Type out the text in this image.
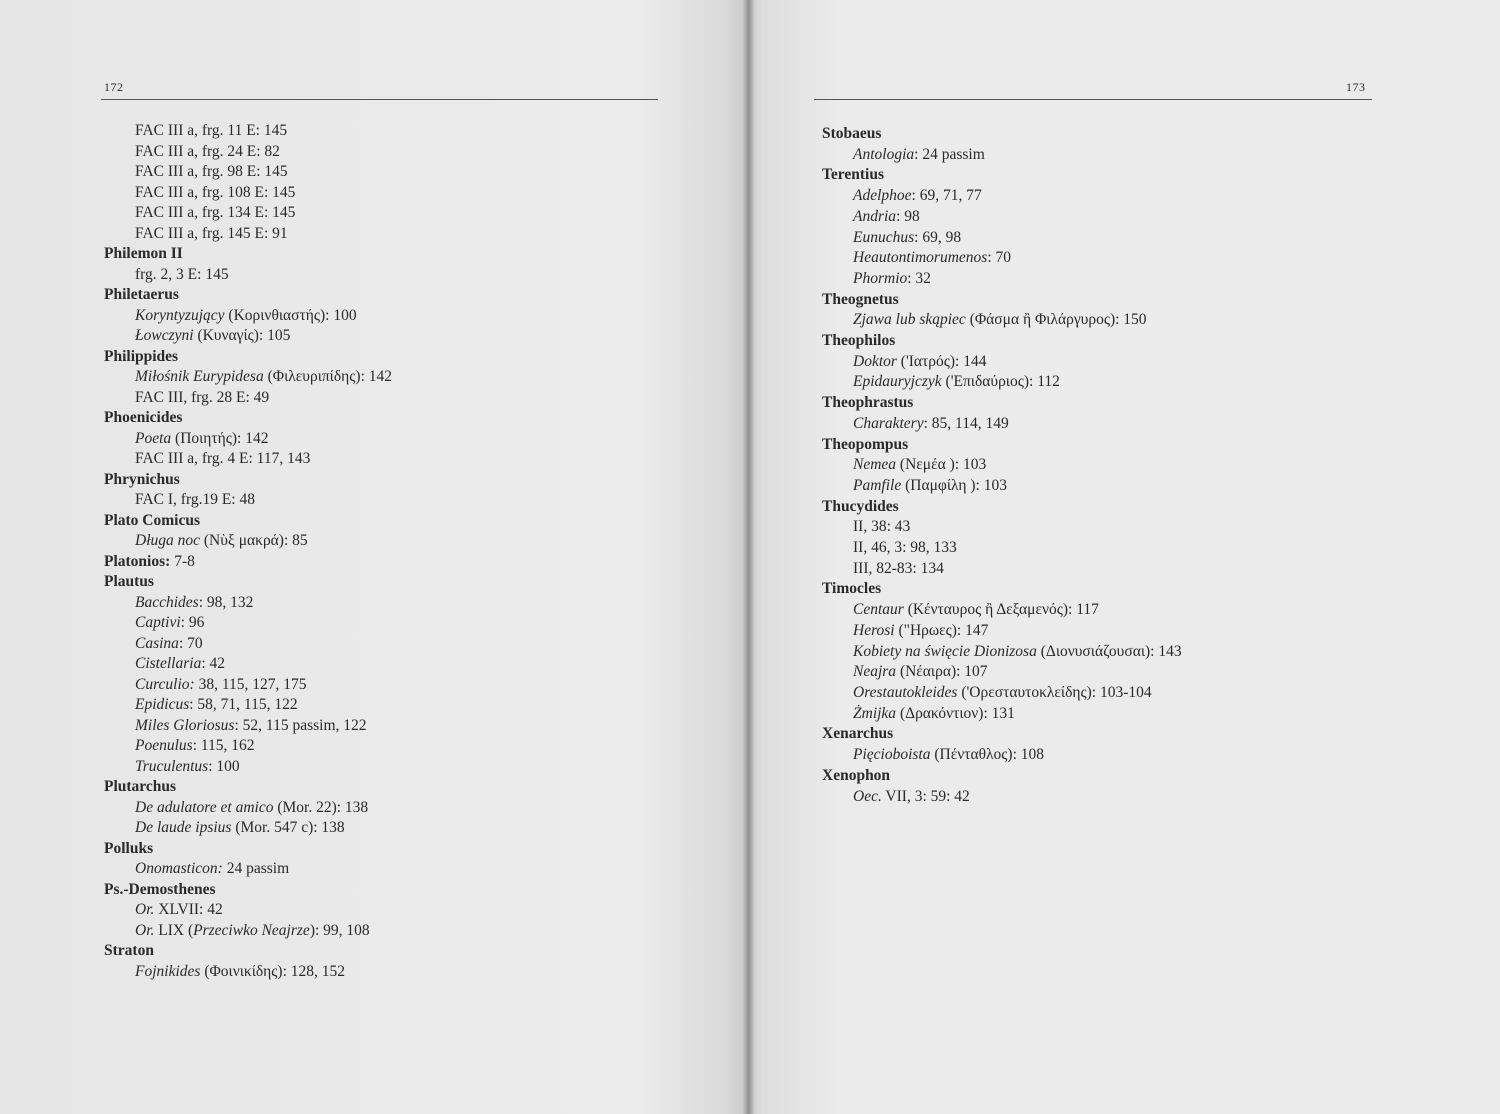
172
FAC III a, frg. 11 E: 145
FAC III a, frg. 24 E: 82
FAC III a, frg. 98 E: 145
FAC III a, frg. 108 E: 145
FAC III a, frg. 134 E: 145
FAC III a, frg. 145 E: 91
Philemon II
frg. 2, 3 E: 145
Philetaerus
Koryntyzujący (Κορινθιαστής): 100
Łowczyni (Κυναγίς): 105
Philippides
Miłośnik Eurypidesa (Φιλευριπίδης): 142
FAC III, frg. 28 E: 49
Phoenicides
Poeta (Ποιητής): 142
FAC III a, frg. 4 E: 117, 143
Phrynichus
FAC I, frg.19 E: 48
Plato Comicus
Długa noc (Νὺξ μακρά): 85
Platonios: 7-8
Plautus
Bacchides: 98, 132
Captivi: 96
Casina: 70
Cistellaria: 42
Curculio: 38, 115, 127, 175
Epidicus: 58, 71, 115, 122
Miles Gloriosus: 52, 115 passim, 122
Poenulus: 115, 162
Truculentus: 100
Plutarchus
De adulatore et amico (Mor. 22): 138
De laude ipsius (Mor. 547 c): 138
Polluks
Onomasticon: 24 passim
Ps.-Demosthenes
Or. XLVII: 42
Or. LIX (Przeciwko Neajrze): 99, 108
Straton
Fojnikides (Φοινικίδης): 128, 152
173
Stobaeus
Antologia: 24 passim
Terentius
Adelphoe: 69, 71, 77
Andria: 98
Eunuchus: 69, 98
Heautontimorumenos: 70
Phormio: 32
Theognetus
Zjawa lub skąpiec (Φάσμα ἢ Φιλάργυρος): 150
Theophilos
Doktor ('Ιατρός): 144
Epidauryjczyk ('Επιδαύριος): 112
Theophrastus
Charaktery: 85, 114, 149
Theopompus
Nemea (Νεμέα ): 103
Pamfile (Παμφίλη ): 103
Thucydides
II, 38: 43
II, 46, 3: 98, 133
III, 82-83: 134
Timocles
Centaur (Κένταυρος ἢ Δεξαμενός): 117
Herosi ("Ηρωες): 147
Kobiety na święcie Dionizosa (Διονυσιάζουσαι): 143
Neajra (Νέαιρα): 107
Orestautokleides ('Ορεσταυτοκλείδης): 103-104
Żmijka (Δρακόντιον): 131
Xenarchus
Pięcioboista (Πένταθλος): 108
Xenophon
Oec. VII, 3: 59: 42
